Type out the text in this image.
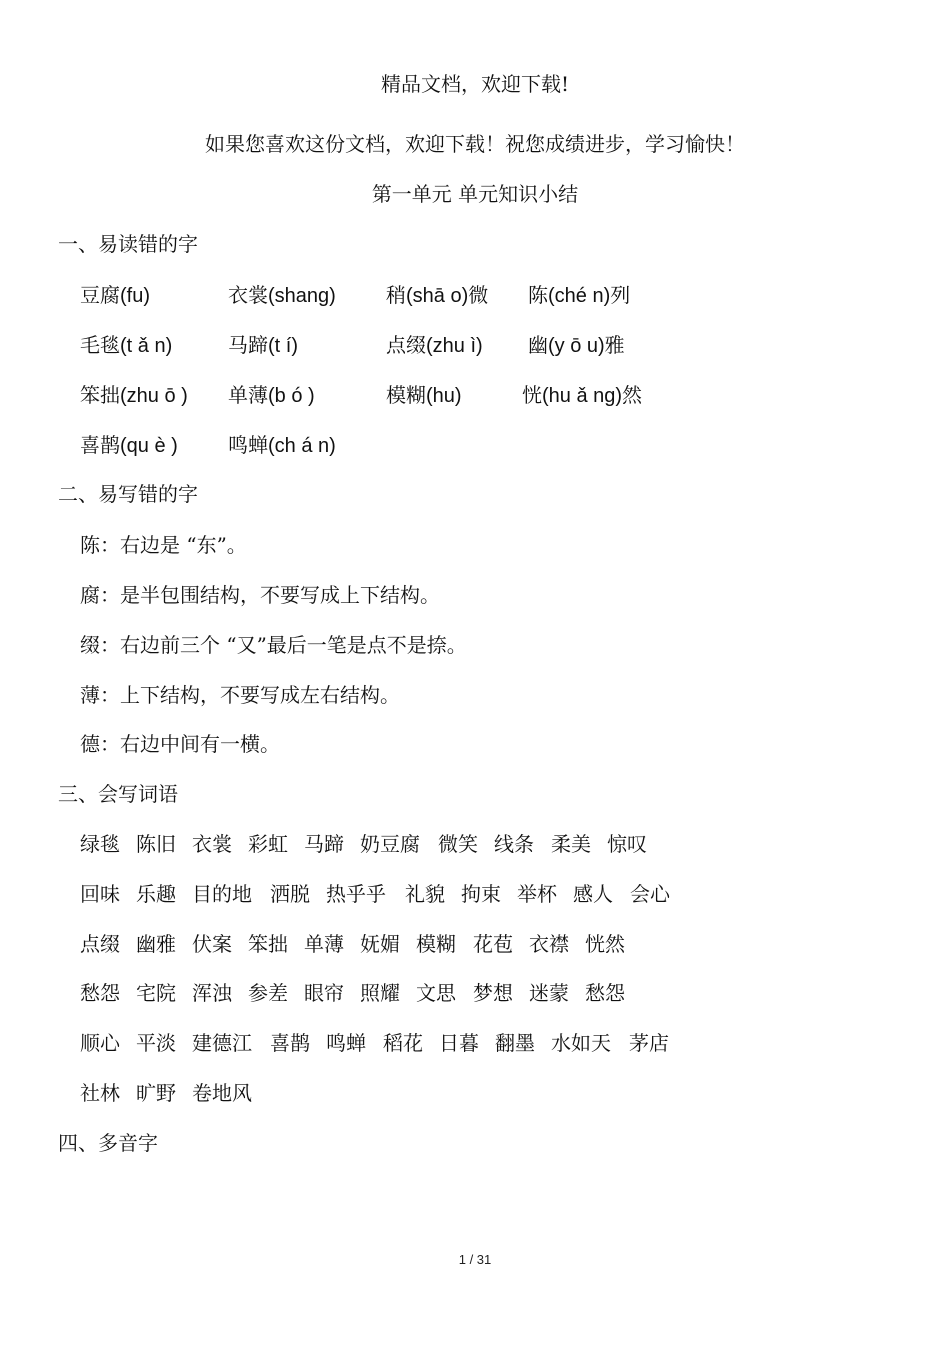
精品文档，欢迎下载!
如果您喜欢这份文档，欢迎下载！祝您成绩进步，学习愉快！
第一单元 单元知识小结
一、易读错的字
豆腐(fu)	衣裳(shang)	稍(shā o)微 陈(ché n)列
毛毯(t ǎ n)	马蹄(t í)	点缀(zhu ì) 幽(y ō u)雅
笨拙(zhu ō ) 单薄(b ó )	模糊(hu)	恍(hu ǎ ng)然
喜鹊(qu è )	鸣蝉(ch á n)
二、易写错的字
陈：右边是 “东”。
腐：是半包围结构，不要写成上下结构。
缀：右边前三个 “又”最后一笔是点不是捺。
薄：上下结构，不要写成左右结构。
德：右边中间有一横。
三、会写词语
绿毯 陈旧 衣裳 彩虹 马蹄 奶豆腐 微笑 线条 柔美 惊叹
回味 乐趣 目的地 洒脱 热乎乎 礼貌 拘束 举杯 感人 会心
点缀 幽雅 伏案 笨拙 单薄 妩媚 模糊 花苞 衣襟 恍然
愁怨 宅院 浑浊 参差 眼帘 照耀 文思 梦想 迷蒙 愁怨
顺心 平淡 建德江 喜鹊 鸣蝉 稻花 日暮 翻墨 水如天 茅店
社林 旷野 卷地风
四、多音字
1 / 31
